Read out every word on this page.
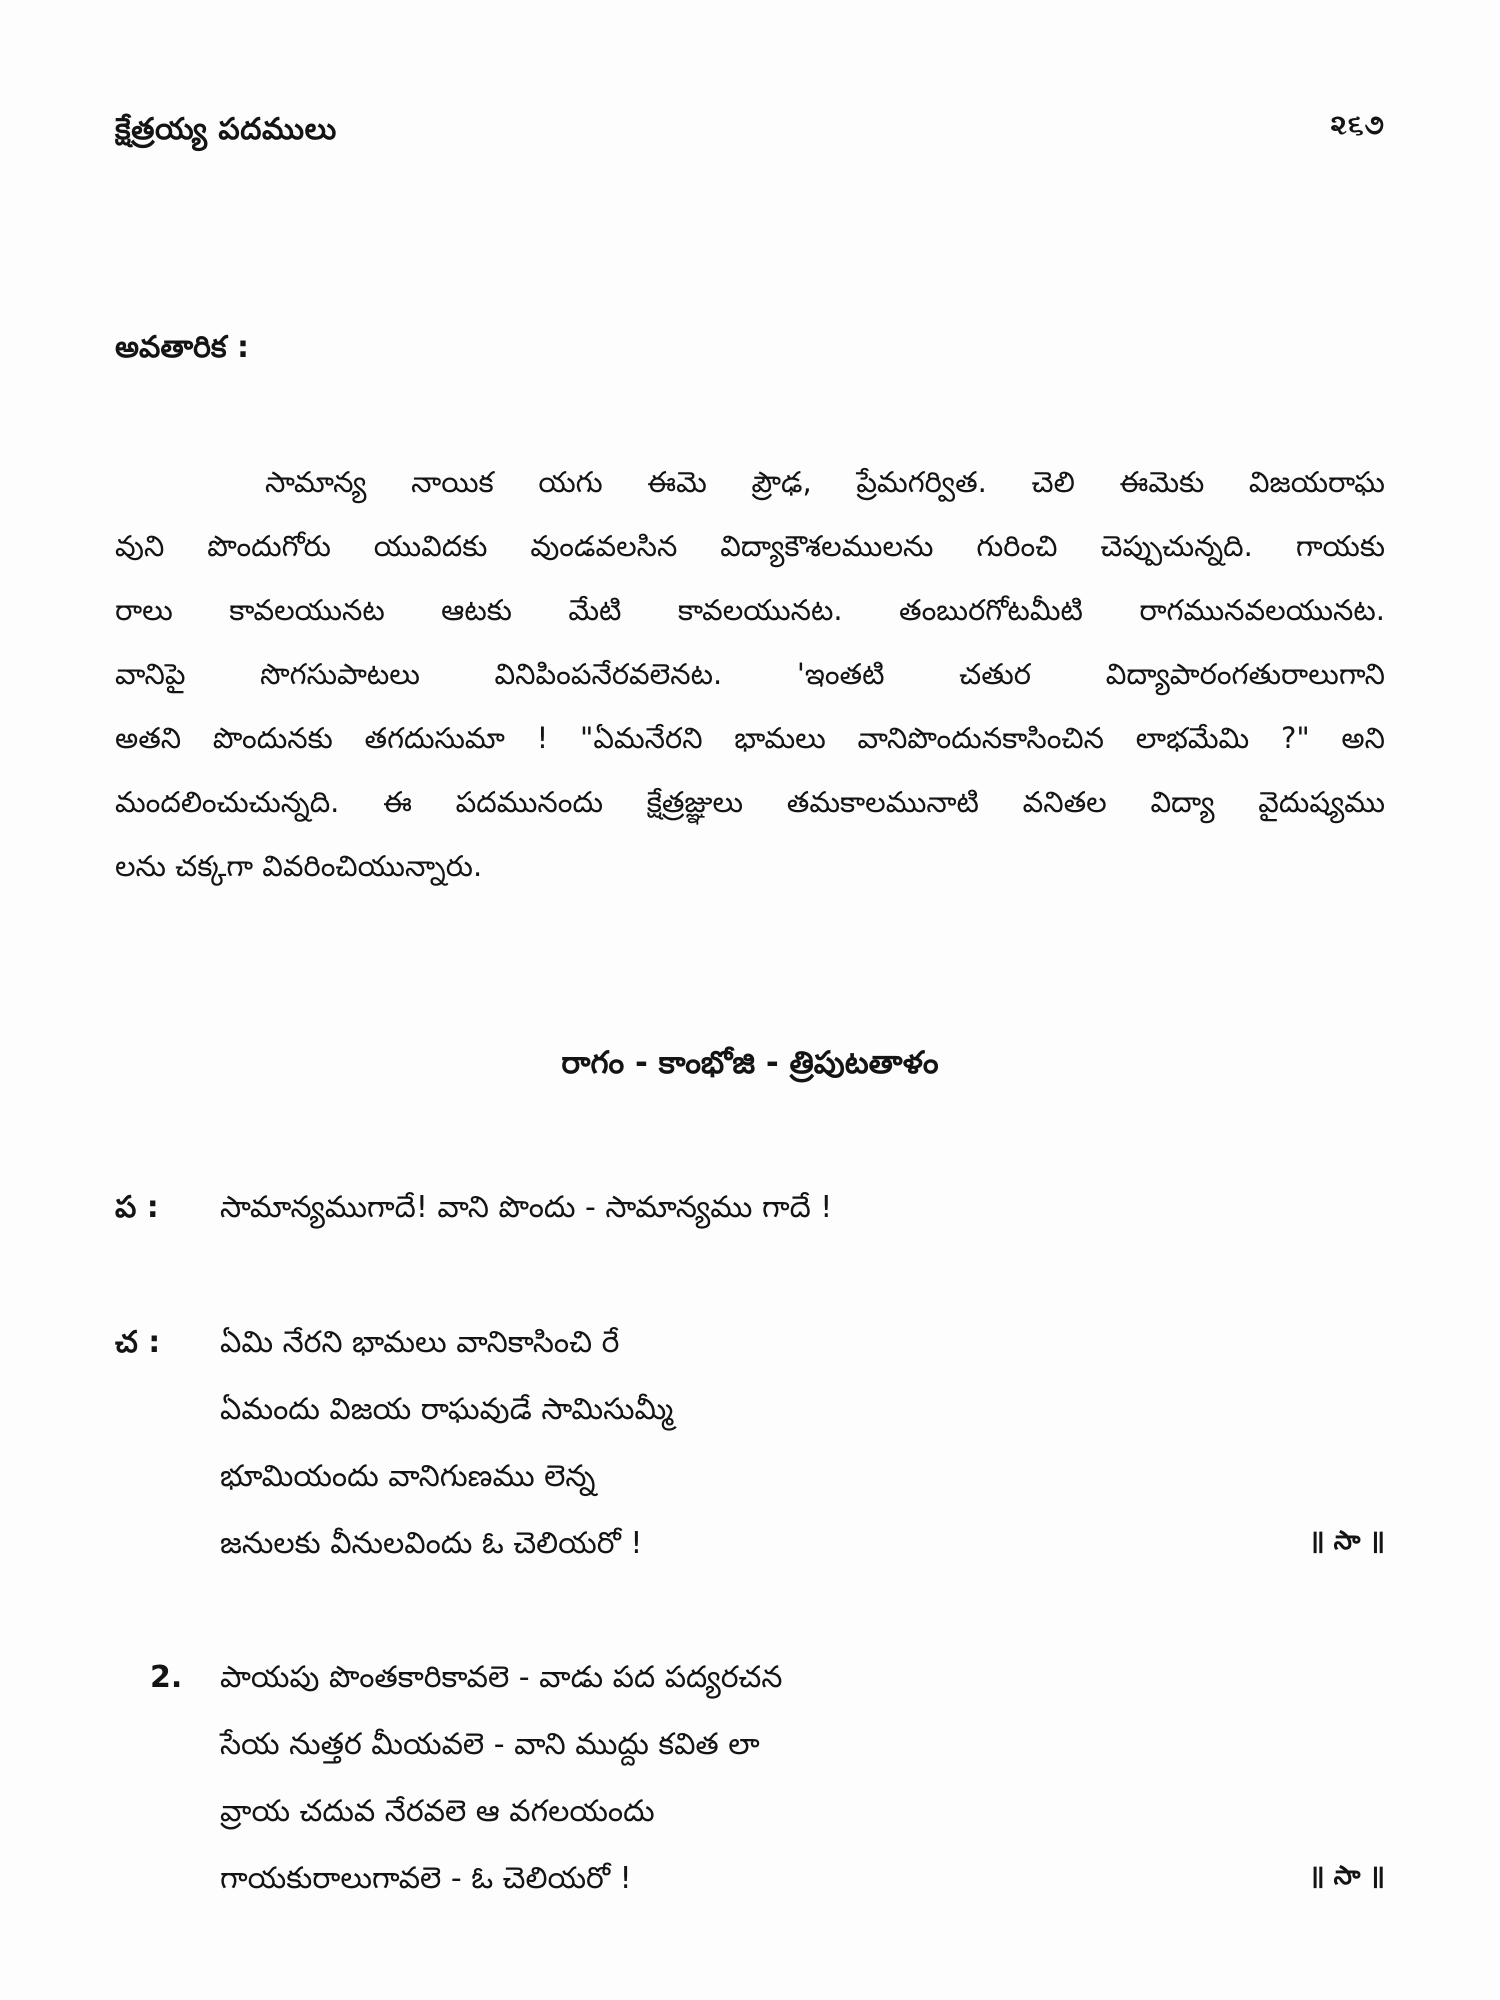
క్షేత్రయ్య పదములు	૨૬૭
అవతారిక :
సామాన్య నాయిక యగు ఈమె ప్రౌఢ, ప్రేమగర్విత. చెలి ఈమెకు విజయరాఘ
వుని పొందుగోరు యువిదకు వుండవలసిన విద్యాకౌశలములను గురించి చెప్పుచున్నది. గాయకు
రాలు కావలయునట ఆటకు మేటి కావలయునట. తంబురగోటమీటి రాగమునవలయునట.
వానిపై సొగసుపాటలు వినిపింపనేరవలెనట. 'ఇంతటి చతుర విద్యాపారంగతురాలుగాని
అతని పొందునకు తగదుసుమా ! "ఏమనేరని భామలు వానిపొందునకాసించిన లాభమేమి ?" అని
మందలించుచున్నది. ఈ పదమునందు క్షేత్రజ్ఞులు తమకాలమునాటి వనితల విద్యా వైదుష్యము
లను చక్కగా వివరించియున్నారు.
రాగం - కాంభోజి - త్రిపుటతాళం
ప : సామాన్యముగాదే! వాని పొందు - సామాన్యము గాదే !
చ : ఏమి నేరని భామలు వానికాసించి రే
ఏమందు విజయ రాఘవుడే సామిసుమ్మీ
భూమియందు వానిగుణము లెన్న
జనులకు వీనులవిందు ఓ చెలియరో !	॥ సా ॥
2. పాయపు పొంతకారికావలె - వాడు పద పద్యరచన
సేయ నుత్తర మీయవలె - వాని ముద్దు కవిత లా
వ్రాయ చదువ నేరవలె ఆ వగలయందు
గాయకురాలుగావలె - ఓ చెలియరో !	॥ సా ॥
